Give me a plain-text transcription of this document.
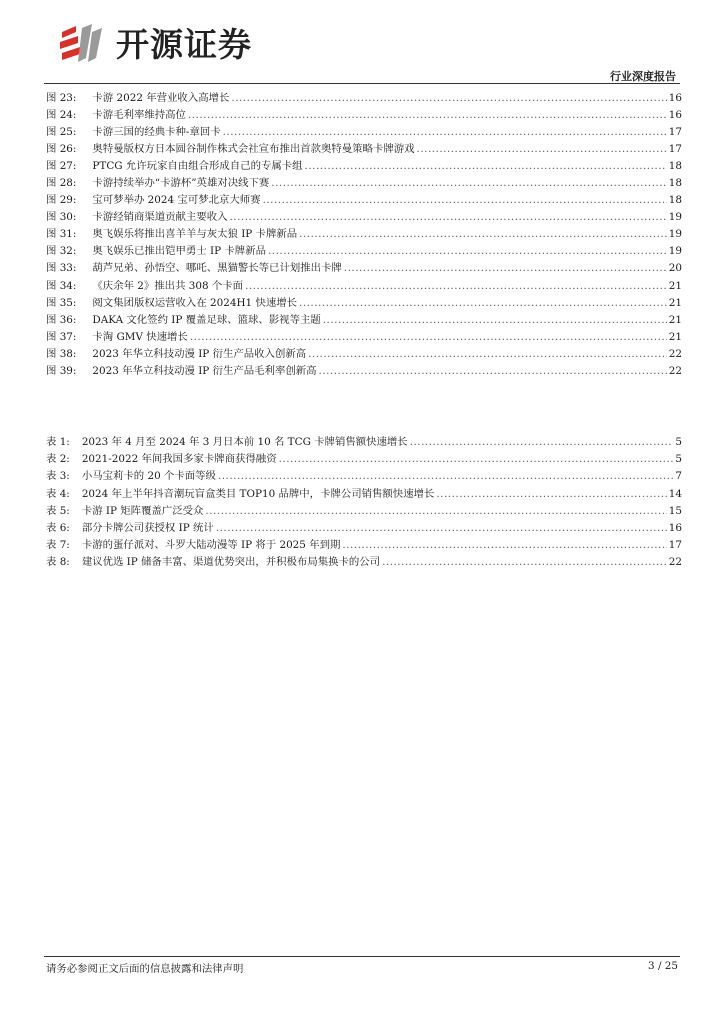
开源证券
行业深度报告
图 23: 卡游 2022 年营业收入高增长 .....	16
图 24: 卡游毛利率维持高位 .....	16
图 25: 卡游三国的经典卡种-章回卡 .....	17
图 26: 奥特曼版权方日本圆谷制作株式会社宣布推出首款奥特曼策略卡牌游戏 .....	17
图 27: PTCG 允许玩家自由组合形成自己的专属卡组 .....	18
图 28: 卡游持续举办“卡游杯”英雄对决线下赛 .....	18
图 29: 宝可梦举办 2024 宝可梦北京大师赛 .....	18
图 30: 卡游经销商渠道贡献主要收入 .....	19
图 31: 奥飞娱乐将推出喜羊羊与灰太狼 IP 卡牌新品 .....	19
图 32: 奥飞娱乐已推出铠甲勇士 IP 卡牌新品 .....	19
图 33: 葫芦兄弟、孙悟空、哪吒、黑猫警长等已计划推出卡牌 .....	20
图 34: 《庆余年 2》推出共 308 个卡面 .....	21
图 35: 阅文集团版权运营收入在 2024H1 快速增长 .....	21
图 36: DAKA 文化签约 IP 覆盖足球、篮球、影视等主题 .....	21
图 37: 卡淘 GMV 快速增长 .....	21
图 38: 2023 年华立科技动漫 IP 衍生产品收入创新高 .....	22
图 39: 2023 年华立科技动漫 IP 衍生产品毛利率创新高 .....	22
表 1: 2023 年 4 月至 2024 年 3 月日本前 10 名 TCG 卡牌销售额快速增长 .....	5
表 2: 2021-2022 年间我国多家卡牌商获得融资 .....	5
表 3: 小马宝莉卡的 20 个卡面等级 .....	7
表 4: 2024 年上半年抖音潮玩盲盒类目 TOP10 品牌中，卡牌公司销售额快速增长 .....	14
表 5: 卡游 IP 矩阵覆盖广泛受众 .....	15
表 6: 部分卡牌公司获授权 IP 统计 .....	16
表 7: 卡游的蛋仔派对、斗罗大陆动漫等 IP 将于 2025 年到期 .....	17
表 8: 建议优选 IP 储备丰富、渠道优势突出，并积极布局集换卡的公司 .....	22
请务必参阅正文后面的信息披露和法律声明	3 / 25
